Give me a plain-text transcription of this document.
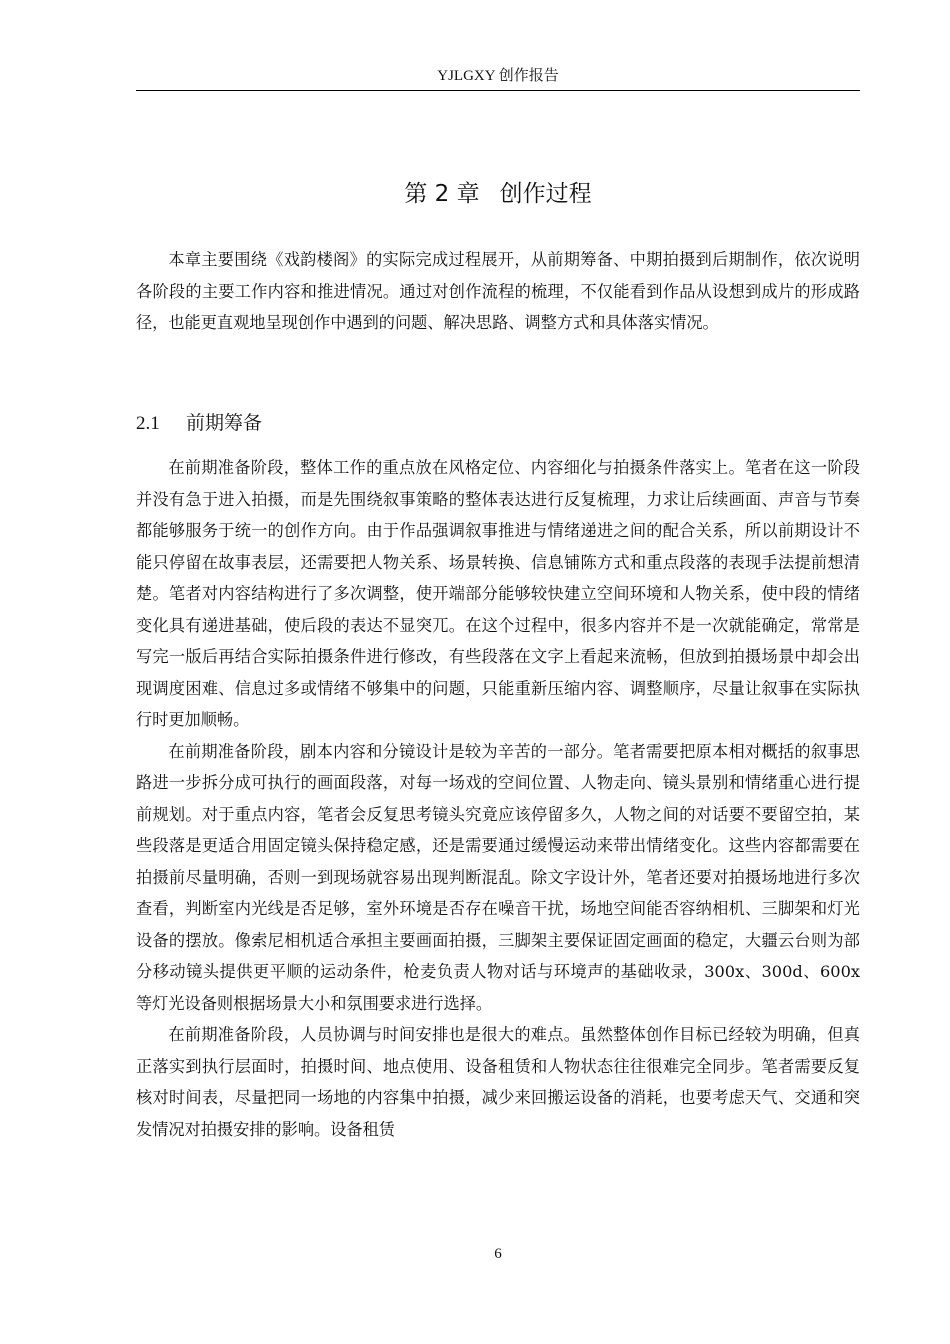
YJLGXY 创作报告
第 2 章 创作过程

本章主要围绕《戏韵楼阁》的实际完成过程展开，从前期筹备、中期拍摄到后期制作，依次说明各阶段的主要工作内容和推进情况。通过对创作流程的梳理，不仅能看到作品从设想到成片的形成路径，也能更直观地呈现创作中遇到的问题、解决思路、调整方式和具体落实情况。

2.1 前期筹备

在前期准备阶段，整体工作的重点放在风格定位、内容细化与拍摄条件落实上。笔者在这一阶段并没有急于进入拍摄，而是先围绕叙事策略的整体表达进行反复梳理，力求让后续画面、声音与节奏都能够服务于统一的创作方向。由于作品强调叙事推进与情绪递进之间的配合关系，所以前期设计不能只停留在故事表层，还需要把人物关系、场景转换、信息铺陈方式和重点段落的表现手法提前想清楚。笔者对内容结构进行了多次调整，使开端部分能够较快建立空间环境和人物关系，使中段的情绪变化具有递进基础，使后段的表达不显突兀。在这个过程中，很多内容并不是一次就能确定，常常是写完一版后再结合实际拍摄条件进行修改，有些段落在文字上看起来流畅，但放到拍摄场景中却会出现调度困难、信息过多或情绪不够集中的问题，只能重新压缩内容、调整顺序，尽量让叙事在实际执行时更加顺畅。

在前期准备阶段，剧本内容和分镜设计是较为辛苦的一部分。笔者需要把原本相对概括的叙事思路进一步拆分成可执行的画面段落，对每一场戏的空间位置、人物走向、镜头景别和情绪重心进行提前规划。对于重点内容，笔者会反复思考镜头究竟应该停留多久，人物之间的对话要不要留空拍，某些段落是更适合用固定镜头保持稳定感，还是需要通过缓慢运动来带出情绪变化。这些内容都需要在拍摄前尽量明确，否则一到现场就容易出现判断混乱。除文字设计外，笔者还要对拍摄场地进行多次查看，判断室内光线是否足够，室外环境是否存在噪音干扰，场地空间能否容纳相机、三脚架和灯光设备的摆放。像索尼相机适合承担主要画面拍摄，三脚架主要保证固定画面的稳定，大疆云台则为部分移动镜头提供更平顺的运动条件，枪麦负责人物对话与环境声的基础收录，300x、300d、600x 等灯光设备则根据场景大小和氛围要求进行选择。

在前期准备阶段，人员协调与时间安排也是很大的难点。虽然整体创作目标已经较为明确，但真正落实到执行层面时，拍摄时间、地点使用、设备租赁和人物状态往往很难完全同步。笔者需要反复核对时间表，尽量把同一场地的内容集中拍摄，减少来回搬运设备的消耗，也要考虑天气、交通和突发情况对拍摄安排的影响。设备租赁

6
